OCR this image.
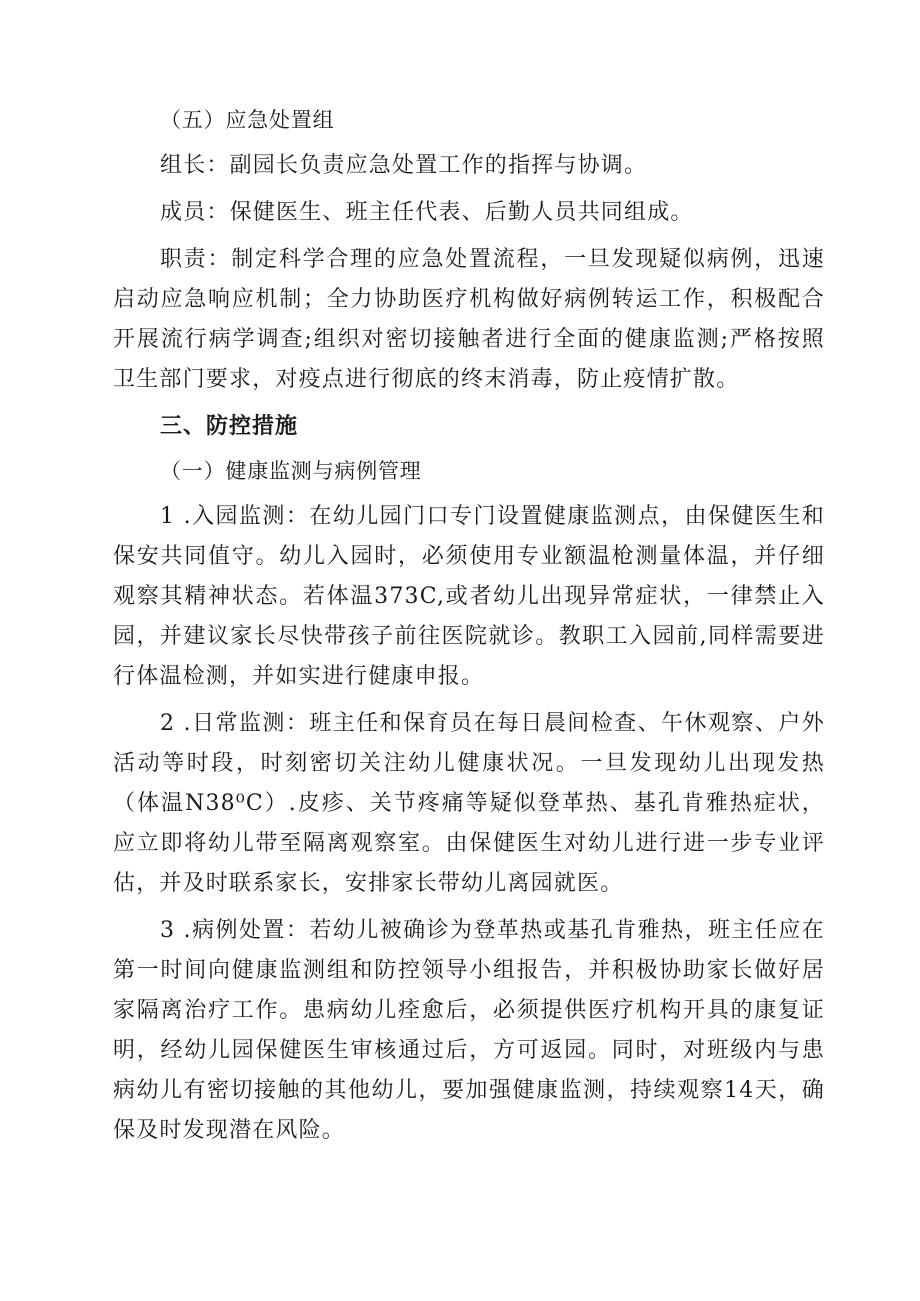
（五）应急处置组
组长：副园长负责应急处置工作的指挥与协调。
成员：保健医生、班主任代表、后勤人员共同组成。
职责：制定科学合理的应急处置流程，一旦发现疑似病例，迅速启动应急响应机制；全力协助医疗机构做好病例转运工作，积极配合开展流行病学调查;组织对密切接触者进行全面的健康监测;严格按照卫生部门要求，对疫点进行彻底的终末消毒，防止疫情扩散。
三、防控措施
（一）健康监测与病例管理
1 .入园监测：在幼儿园门口专门设置健康监测点，由保健医生和保安共同值守。幼儿入园时，必须使用专业额温枪测量体温，并仔细观察其精神状态。若体温373C,或者幼儿出现异常症状，一律禁止入园，并建议家长尽快带孩子前往医院就诊。教职工入园前,同样需要进行体温检测，并如实进行健康申报。
2 .日常监测：班主任和保育员在每日晨间检查、午休观察、户外活动等时段，时刻密切关注幼儿健康状况。一旦发现幼儿出现发热（体温N38⁰C）.皮疹、关节疼痛等疑似登革热、基孔肯雅热症状，应立即将幼儿带至隔离观察室。由保健医生对幼儿进行进一步专业评估，并及时联系家长，安排家长带幼儿离园就医。
3 .病例处置：若幼儿被确诊为登革热或基孔肯雅热，班主任应在第一时间向健康监测组和防控领导小组报告，并积极协助家长做好居家隔离治疗工作。患病幼儿痊愈后，必须提供医疗机构开具的康复证明，经幼儿园保健医生审核通过后，方可返园。同时，对班级内与患病幼儿有密切接触的其他幼儿，要加强健康监测，持续观察14天，确保及时发现潜在风险。
